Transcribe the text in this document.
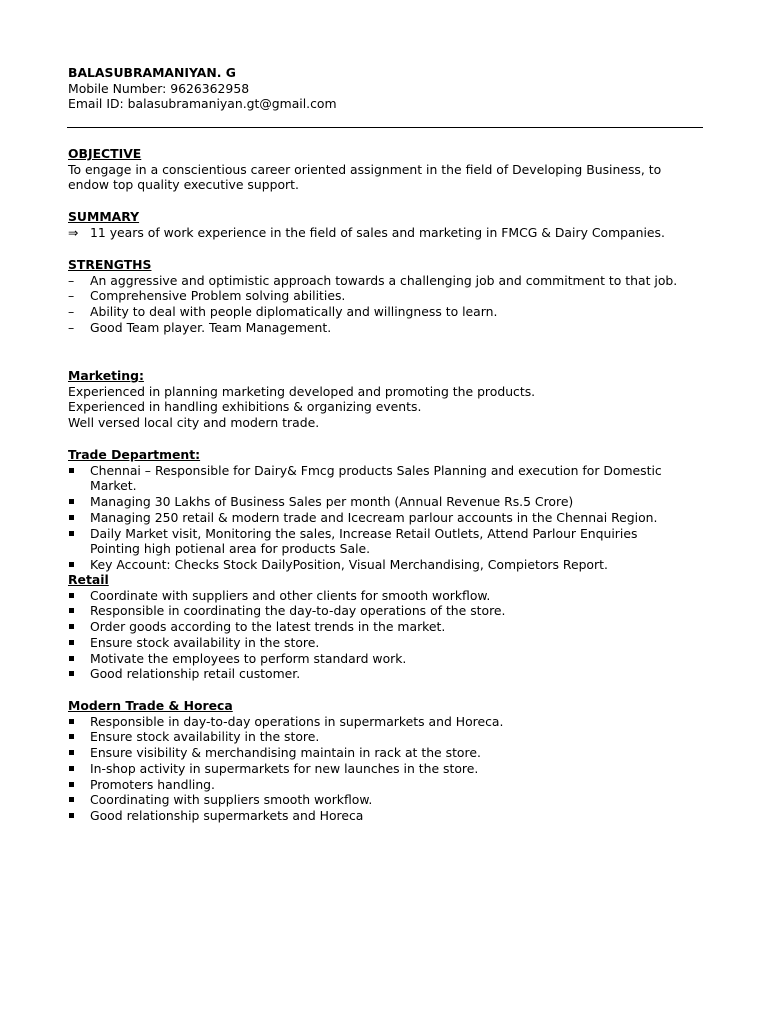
BALASUBRAMANIYAN. G
Mobile Number: 9626362958
Email ID: balasubramaniyan.gt@gmail.com
OBJECTIVE
To engage in a conscientious career oriented assignment in the field of Developing Business, to endow top quality executive support.
SUMMARY
⇒ 11 years of work experience in the field of sales and marketing in FMCG & Dairy Companies.
STRENGTHS
–	An aggressive and optimistic approach towards a challenging job and commitment to that job.
–	Comprehensive Problem solving abilities.
–	Ability to deal with people diplomatically and willingness to learn.
–	Good Team player. Team Management.
Marketing:
Experienced in planning marketing developed and promoting the products.
Experienced in handling exhibitions & organizing events.
Well versed local city and modern trade.
Trade Department:
Chennai – Responsible for Dairy& Fmcg products Sales Planning and execution for Domestic Market.
Managing 30 Lakhs of Business Sales per month (Annual Revenue Rs.5 Crore)
Managing 250 retail & modern trade and Icecream parlour accounts in the Chennai Region.
Daily Market visit, Monitoring the sales, Increase Retail Outlets, Attend Parlour Enquiries Pointing high potienal area for products Sale.
Key Account: Checks Stock DailyPosition, Visual Merchandising, Compietors Report.
Retail
Coordinate with suppliers and other clients for smooth workflow.
Responsible in coordinating the day-to-day operations of the store.
Order goods according to the latest trends in the market.
Ensure stock availability in the store.
Motivate the employees to perform standard work.
Good relationship retail customer.
Modern Trade & Horeca
Responsible in day-to-day operations in supermarkets and Horeca.
Ensure stock availability in the store.
Ensure visibility & merchandising maintain in rack at the store.
In-shop activity in supermarkets for new launches in the store.
Promoters handling.
Coordinating with suppliers smooth workflow.
Good relationship supermarkets and Horeca
